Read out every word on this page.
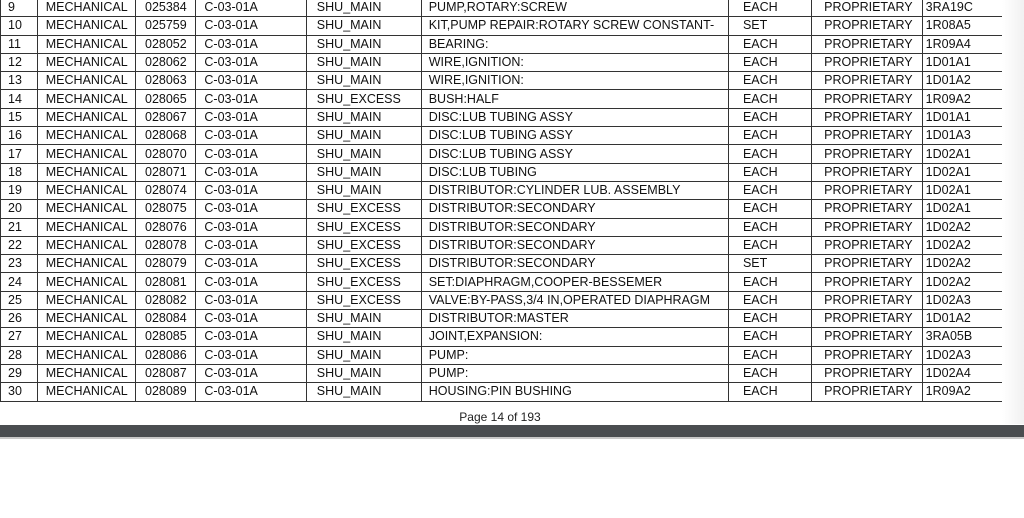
9	MECHANICAL	025384	C-03-01A	SHU_MAIN	PUMP,ROTARY:SCREW	EACH	PROPRIETARY	3RA19C
10	MECHANICAL	025759	C-03-01A	SHU_MAIN	KIT,PUMP REPAIR:ROTARY SCREW CONSTANT-	SET	PROPRIETARY	1R08A5
11	MECHANICAL	028052	C-03-01A	SHU_MAIN	BEARING:	EACH	PROPRIETARY	1R09A4
12	MECHANICAL	028062	C-03-01A	SHU_MAIN	WIRE,IGNITION:	EACH	PROPRIETARY	1D01A1
13	MECHANICAL	028063	C-03-01A	SHU_MAIN	WIRE,IGNITION:	EACH	PROPRIETARY	1D01A2
14	MECHANICAL	028065	C-03-01A	SHU_EXCESS	BUSH:HALF	EACH	PROPRIETARY	1R09A2
15	MECHANICAL	028067	C-03-01A	SHU_MAIN	DISC:LUB TUBING ASSY	EACH	PROPRIETARY	1D01A1
16	MECHANICAL	028068	C-03-01A	SHU_MAIN	DISC:LUB TUBING ASSY	EACH	PROPRIETARY	1D01A3
17	MECHANICAL	028070	C-03-01A	SHU_MAIN	DISC:LUB TUBING ASSY	EACH	PROPRIETARY	1D02A1
18	MECHANICAL	028071	C-03-01A	SHU_MAIN	DISC:LUB TUBING	EACH	PROPRIETARY	1D02A1
19	MECHANICAL	028074	C-03-01A	SHU_MAIN	DISTRIBUTOR:CYLINDER LUB. ASSEMBLY	EACH	PROPRIETARY	1D02A1
20	MECHANICAL	028075	C-03-01A	SHU_EXCESS	DISTRIBUTOR:SECONDARY	EACH	PROPRIETARY	1D02A1
21	MECHANICAL	028076	C-03-01A	SHU_EXCESS	DISTRIBUTOR:SECONDARY	EACH	PROPRIETARY	1D02A2
22	MECHANICAL	028078	C-03-01A	SHU_EXCESS	DISTRIBUTOR:SECONDARY	EACH	PROPRIETARY	1D02A2
23	MECHANICAL	028079	C-03-01A	SHU_EXCESS	DISTRIBUTOR:SECONDARY	SET	PROPRIETARY	1D02A2
24	MECHANICAL	028081	C-03-01A	SHU_EXCESS	SET:DIAPHRAGM,COOPER-BESSEMER	EACH	PROPRIETARY	1D02A2
25	MECHANICAL	028082	C-03-01A	SHU_EXCESS	VALVE:BY-PASS,3/4 IN,OPERATED DIAPHRAGM	EACH	PROPRIETARY	1D02A3
26	MECHANICAL	028084	C-03-01A	SHU_MAIN	DISTRIBUTOR:MASTER	EACH	PROPRIETARY	1D01A2
27	MECHANICAL	028085	C-03-01A	SHU_MAIN	JOINT,EXPANSION:	EACH	PROPRIETARY	3RA05B
28	MECHANICAL	028086	C-03-01A	SHU_MAIN	PUMP:	EACH	PROPRIETARY	1D02A3
29	MECHANICAL	028087	C-03-01A	SHU_MAIN	PUMP:	EACH	PROPRIETARY	1D02A4
30	MECHANICAL	028089	C-03-01A	SHU_MAIN	HOUSING:PIN BUSHING	EACH	PROPRIETARY	1R09A2
Page 14 of 193
